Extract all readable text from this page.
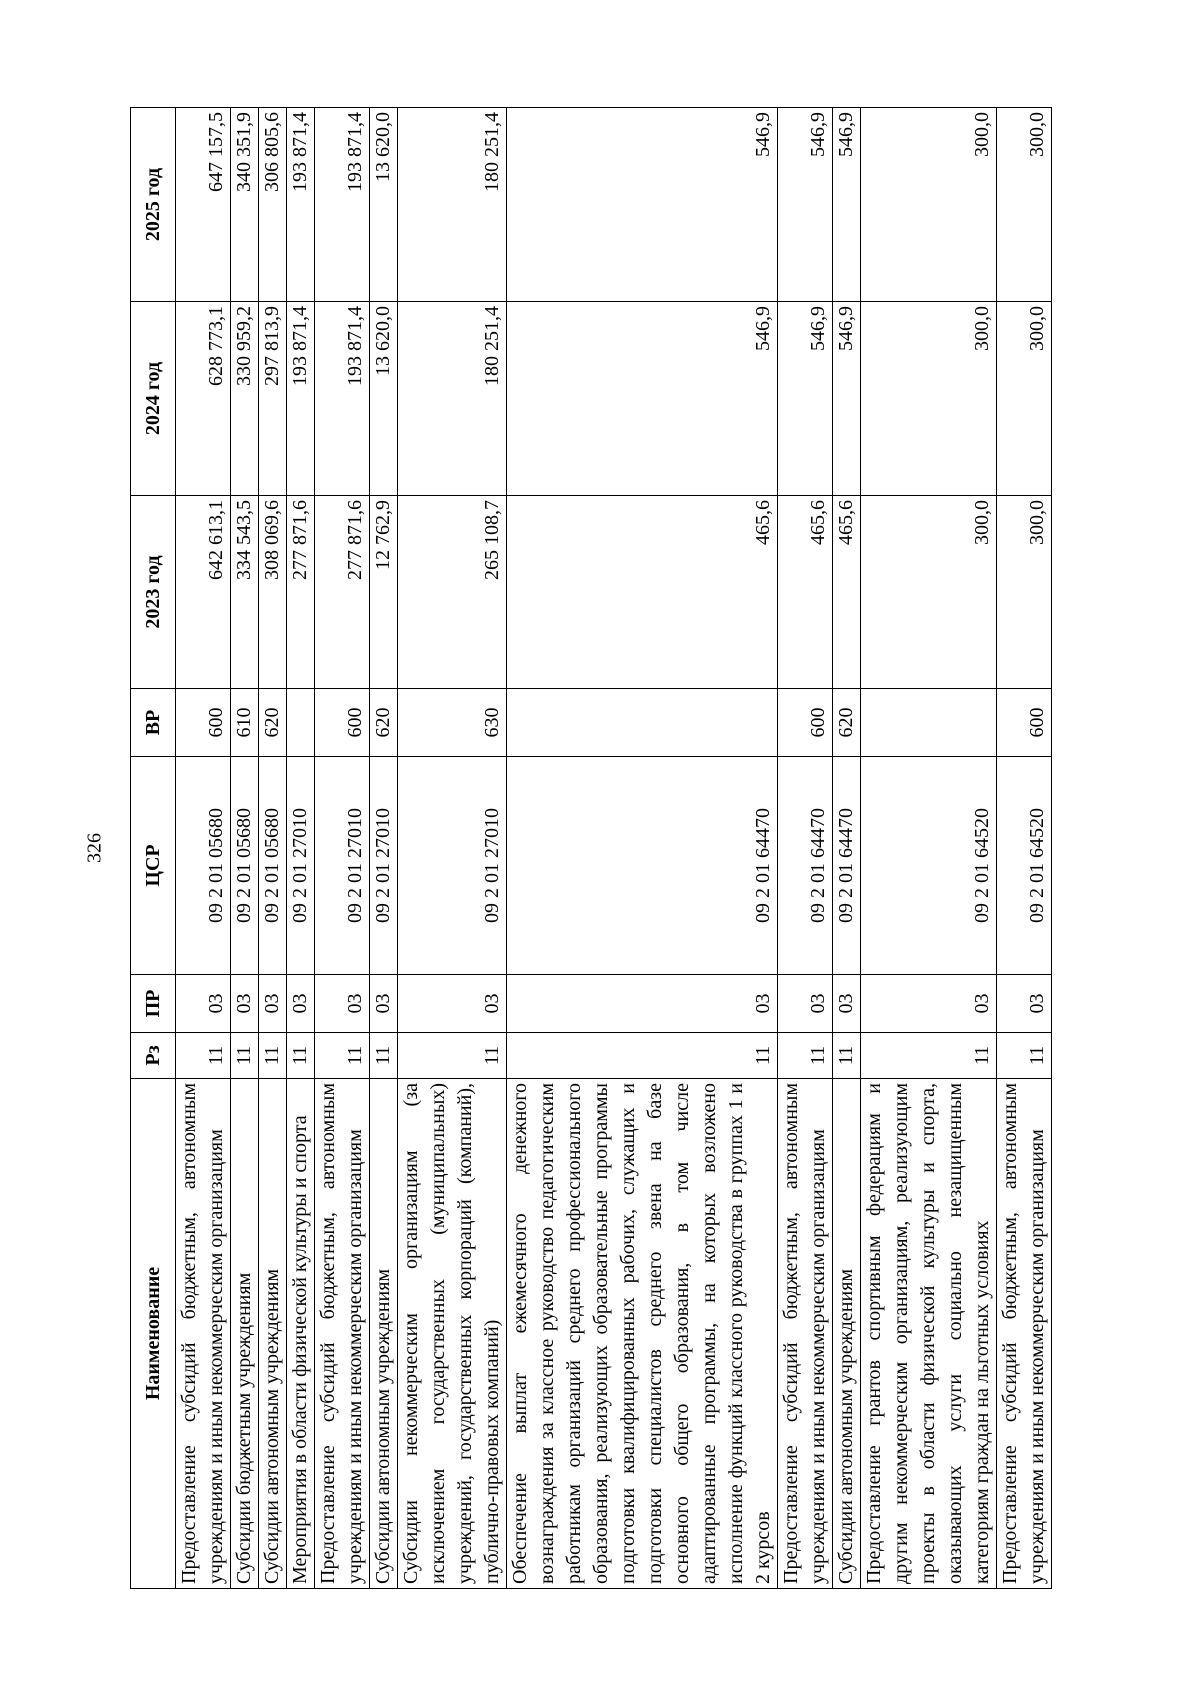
326
Наименование	Рз	ПР	ЦСР	ВР	2023 год	2024 год	2025 год
Предоставление субсидий бюджетным, автономным учреждениям и иным некоммерческим организациям	11	03	09 2 01 05680	600	642 613,1	628 773,1	647 157,5
Субсидии бюджетным учреждениям	11	03	09 2 01 05680	610	334 543,5	330 959,2	340 351,9
Субсидии автономным учреждениям	11	03	09 2 01 05680	620	308 069,6	297 813,9	306 805,6
Мероприятия в области физической культуры и спорта	11	03	09 2 01 27010		277 871,6	193 871,4	193 871,4
Предоставление субсидий бюджетным, автономным учреждениям и иным некоммерческим организациям	11	03	09 2 01 27010	600	277 871,6	193 871,4	193 871,4
Субсидии автономным учреждениям	11	03	09 2 01 27010	620	12 762,9	13 620,0	13 620,0
Субсидии некоммерческим организациям (за исключением государственных (муниципальных) учреждений, государственных корпораций (компаний), публично-правовых компаний)	11	03	09 2 01 27010	630	265 108,7	180 251,4	180 251,4
Обеспечение выплат ежемесячного денежного вознаграждения за классное руководство педагогическим работникам организаций среднего профессионального образования, реализующих образовательные программы подготовки квалифицированных рабочих, служащих и подготовки специалистов среднего звена на базе основного общего образования, в том числе адаптированные программы, на которых возложено исполнение функций классного руководства в группах 1 и 2 курсов	11	03	09 2 01 64470		465,6	546,9	546,9
Предоставление субсидий бюджетным, автономным учреждениям и иным некоммерческим организациям	11	03	09 2 01 64470	600	465,6	546,9	546,9
Субсидии автономным учреждениям	11	03	09 2 01 64470	620	465,6	546,9	546,9
Предоставление грантов спортивным федерациям и другим некоммерческим организациям, реализующим проекты в области физической культуры и спорта, оказывающих услуги социально незащищенным категориям граждан на льготных условиях	11	03	09 2 01 64520		300,0	300,0	300,0
Предоставление субсидий бюджетным, автономным учреждениям и иным некоммерческим организациям	11	03	09 2 01 64520	600	300,0	300,0	300,0
